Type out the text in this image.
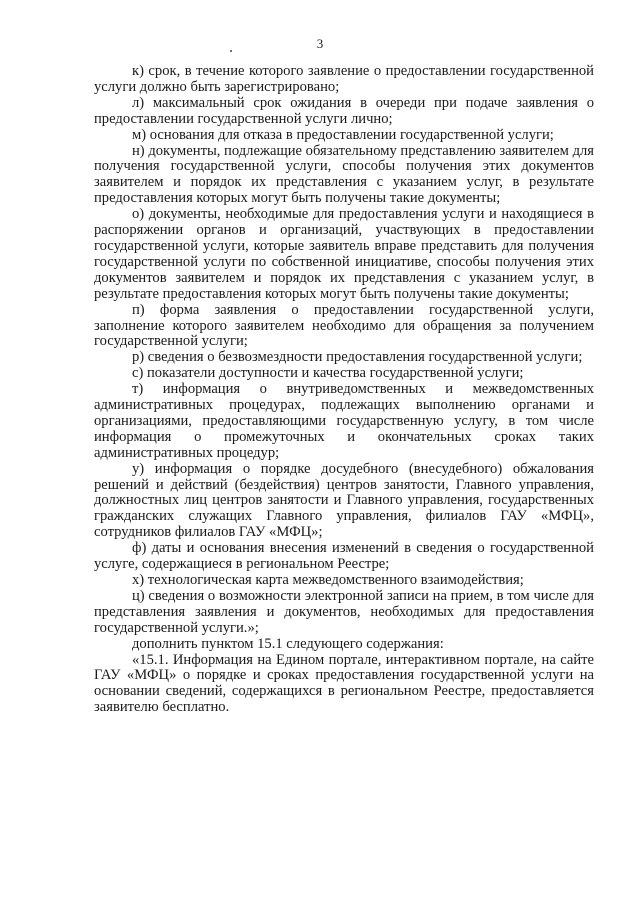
3

к) срок, в течение которого заявление о предоставлении государственной услуги должно быть зарегистрировано;

л) максимальный срок ожидания в очереди при подаче заявления о предоставлении государственной услуги лично;

м) основания для отказа в предоставлении государственной услуги;

н) документы, подлежащие обязательному представлению заявителем для получения государственной услуги, способы получения этих документов заявителем и порядок их представления с указанием услуг, в результате предоставления которых могут быть получены такие документы;

о) документы, необходимые для предоставления услуги и находящиеся в распоряжении органов и организаций, участвующих в предоставлении государственной услуги, которые заявитель вправе представить для получения государственной услуги по собственной инициативе, способы получения этих документов заявителем и порядок их представления с указанием услуг, в результате предоставления которых могут быть получены такие документы;

п) форма заявления о предоставлении государственной услуги, заполнение которого заявителем необходимо для обращения за получением государственной услуги;

р) сведения о безвозмездности предоставления государственной услуги;

с) показатели доступности и качества государственной услуги;

т) информация о внутриведомственных и межведомственных административных процедурах, подлежащих выполнению органами и организациями, предоставляющими государственную услугу, в том числе информация о промежуточных и окончательных сроках таких административных процедур;

у) информация о порядке досудебного (внесудебного) обжалования решений и действий (бездействия) центров занятости, Главного управления, должностных лиц центров занятости и Главного управления, государственных гражданских служащих Главного управления, филиалов ГАУ «МФЦ», сотрудников филиалов ГАУ «МФЦ»;

ф) даты и основания внесения изменений в сведения о государственной услуге, содержащиеся в региональном Реестре;

х) технологическая карта межведомственного взаимодействия;

ц) сведения о возможности электронной записи на прием, в том числе для представления заявления и документов, необходимых для предоставления государственной услуги.»;

дополнить пунктом 15.1 следующего содержания:

«15.1. Информация на Едином портале, интерактивном портале, на сайте ГАУ «МФЦ» о порядке и сроках предоставления государственной услуги на основании сведений, содержащихся в региональном Реестре, предоставляется заявителю бесплатно.
